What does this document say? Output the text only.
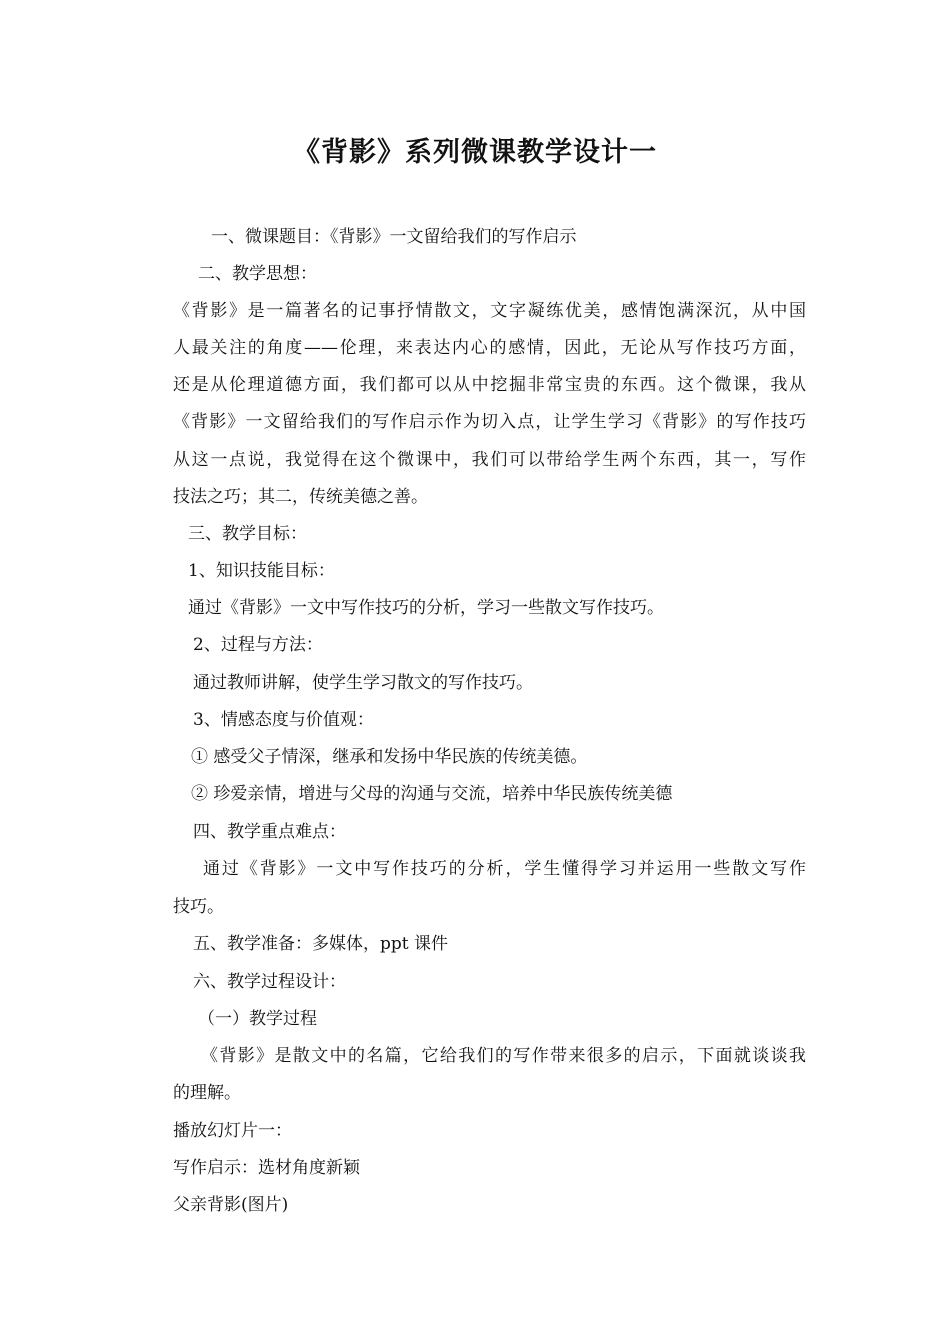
《背影》系列微课教学设计一
一、微课题目：《背影》一文留给我们的写作启示
二、教学思想：
《背影》是一篇著名的记事抒情散文，文字凝练优美，感情饱满深沉，从中国
人最关注的角度——伦理，来表达内心的感情，因此，无论从写作技巧方面，
还是从伦理道德方面，我们都可以从中挖掘非常宝贵的东西。这个微课，我从
《背影》一文留给我们的写作启示作为切入点，让学生学习《背影》的写作技巧
从这一点说，我觉得在这个微课中，我们可以带给学生两个东西，其一，写作
技法之巧；其二，传统美德之善。
三、教学目标：
1、知识技能目标：
通过《背影》一文中写作技巧的分析，学习一些散文写作技巧。
2、过程与方法：
通过教师讲解，使学生学习散文的写作技巧。
3、情感态度与价值观：
① 感受父子情深，继承和发扬中华民族的传统美德。
② 珍爱亲情，增进与父母的沟通与交流，培养中华民族传统美德
四、教学重点难点：
通过《背影》一文中写作技巧的分析，学生懂得学习并运用一些散文写作
技巧。
五、教学准备：多媒体，ppt 课件
六、教学过程设计：
（一）教学过程
《背影》是散文中的名篇，它给我们的写作带来很多的启示，下面就谈谈我
的理解。
播放幻灯片一：
写作启示：选材角度新颖
父亲背影(图片)
